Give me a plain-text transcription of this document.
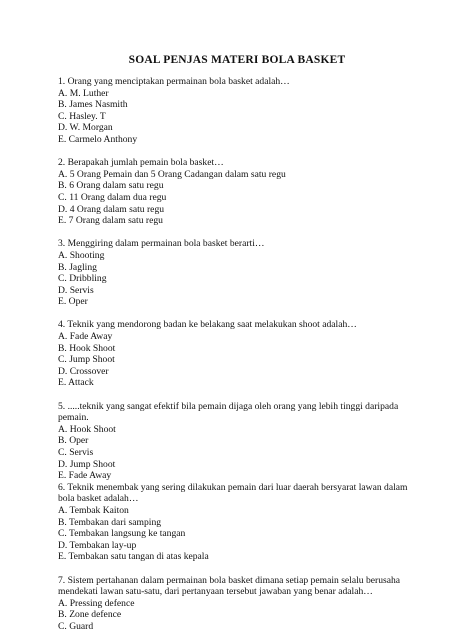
SOAL PENJAS MATERI BOLA BASKET

1. Orang yang menciptakan permainan bola basket adalah…

A. M. Luther

B. James Nasmith

C. Hasley. T

D. W. Morgan

E. Carmelo Anthony

2. Berapakah jumlah pemain bola basket…

A. 5 Orang Pemain dan 5 Orang Cadangan dalam satu regu

B. 6 Orang dalam satu regu

C. 11 Orang dalam dua regu

D. 4 Orang dalam satu regu

E. 7 Orang dalam satu regu

3. Menggiring dalam permainan bola basket berarti…

A. Shooting

B. Jagling

C. Dribbling

D. Servis

E. Oper

4. Teknik yang mendorong badan ke belakang saat melakukan shoot adalah…

A. Fade Away

B. Hook Shoot

C. Jump Shoot

D. Crossover

E. Attack

5. .....teknik yang sangat efektif bila pemain dijaga oleh orang yang lebih tinggi daripada pemain.

A. Hook Shoot

B. Oper

C. Servis

D. Jump Shoot

E. Fade Away

6. Teknik menembak yang sering dilakukan pemain dari luar daerah bersyarat lawan dalam bola basket adalah…

A. Tembak Kaiton

B. Tembakan dari samping

C. Tembakan langsung ke tangan

D. Tembakan lay-up

E. Tembakan satu tangan di atas kepala

7. Sistem pertahanan dalam permainan bola basket dimana setiap pemain selalu berusaha mendekati lawan satu-satu, dari pertanyaan tersebut jawaban yang benar adalah…

A. Pressing defence

B. Zone defence

C. Guard
